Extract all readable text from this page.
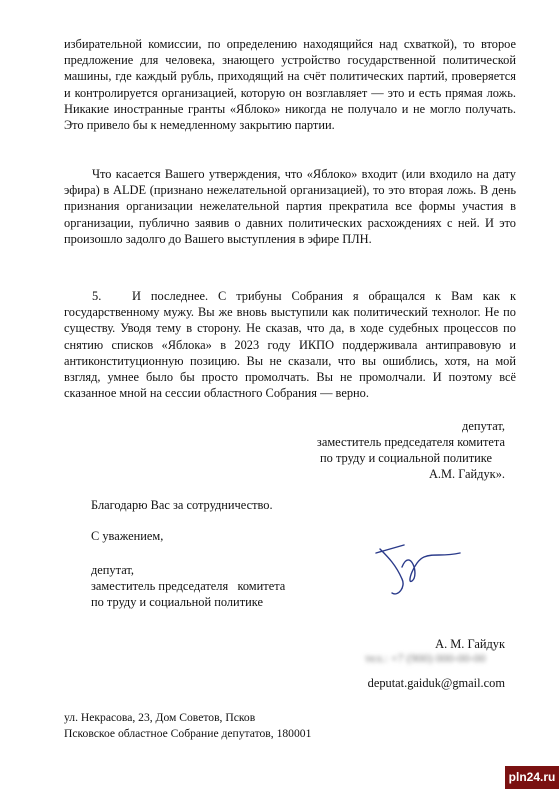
избирательной комиссии, по определению находящийся над схваткой), то второе предложение для человека, знающего устройство государственной политической машины, где каждый рубль, приходящий на счёт политических партий, проверяется и контролируется организацией, которую он возглавляет — это и есть прямая ложь. Никакие иностранные гранты «Яблоко» никогда не получало и не могло получать. Это привело бы к немедленному закрытию партии.
Что касается Вашего утверждения, что «Яблоко» входит (или входило на дату эфира) в ALDE (признано нежелательной организацией), то это вторая ложь. В день признания организации нежелательной партия прекратила все формы участия в организации, публично заявив о давних политических расхождениях с ней. И это произошло задолго до Вашего выступления в эфире ПЛН.
5.	И последнее. С трибуны Собрания я обращался к Вам как к государственному мужу. Вы же вновь выступили как политический технолог. Не по существу. Уводя тему в сторону. Не сказав, что да, в ходе судебных процессов по снятию списков «Яблока» в 2023 году ИКПО поддерживала антиправовую и антиконституционную позицию. Вы не сказали, что вы ошиблись, хотя, на мой взгляд, умнее было бы просто промолчать. Вы не промолчали. И поэтому всё сказанное мной на сессии областного Собрания — верно.
депутат,
заместитель председателя комитета
по труду и социальной политике
А.М. Гайдук».
Благодарю Вас за сотрудничество.
С уважением,
депутат,
заместитель председателя   комитета
по труду и социальной политике
А. М. Гайдук
тел.: +7 (900) 000-00-00
deputat.gaiduk@gmail.com
ул. Некрасова, 23, Дом Советов, Псков
Псковское областное Собрание депутатов, 180001
pln24.ru
